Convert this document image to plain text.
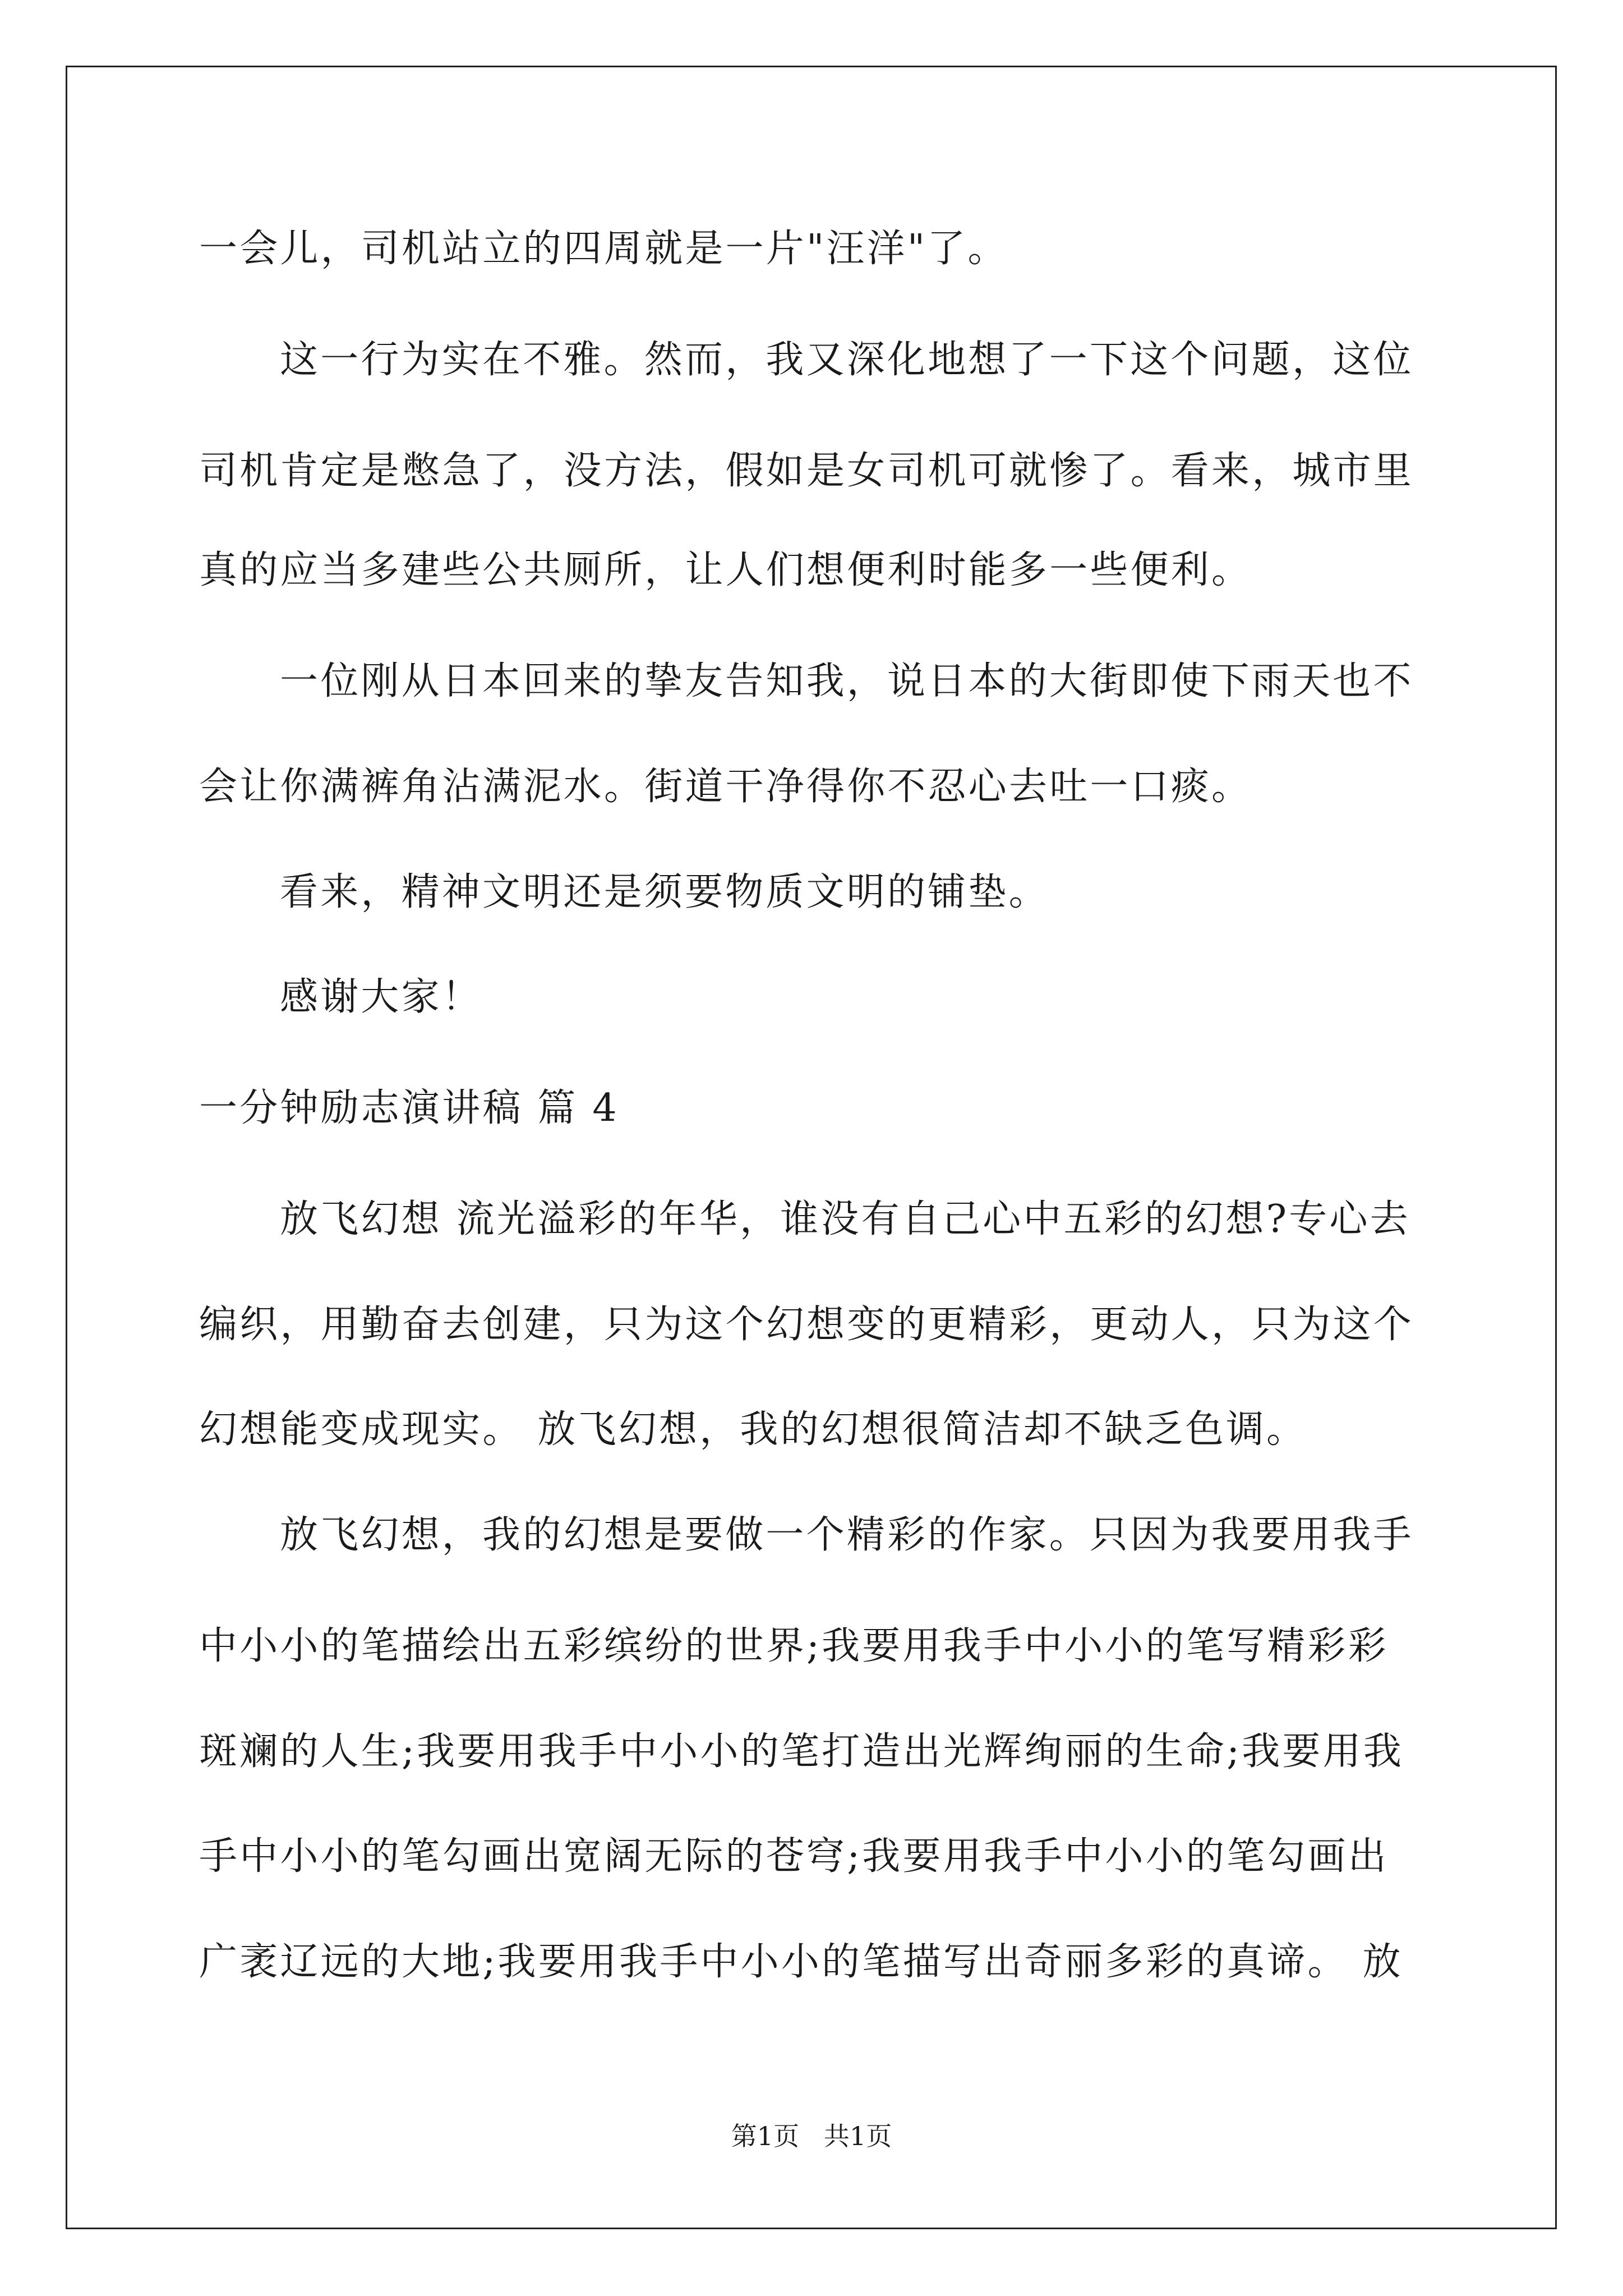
一会儿，司机站立的四周就是一片"汪洋"了。
这一行为实在不雅。然而，我又深化地想了一下这个问题，这位
司机肯定是憋急了，没方法，假如是女司机可就惨了。看来，城市里
真的应当多建些公共厕所，让人们想便利时能多一些便利。
一位刚从日本回来的挚友告知我，说日本的大街即使下雨天也不
会让你满裤角沾满泥水。街道干净得你不忍心去吐一口痰。
看来，精神文明还是须要物质文明的铺垫。
感谢大家！
一分钟励志演讲稿 篇 4
放飞幻想 流光溢彩的年华，谁没有自己心中五彩的幻想?专心去
编织，用勤奋去创建，只为这个幻想变的更精彩，更动人，只为这个
幻想能变成现实。 放飞幻想，我的幻想很简洁却不缺乏色调。
放飞幻想，我的幻想是要做一个精彩的作家。只因为我要用我手
中小小的笔描绘出五彩缤纷的世界;我要用我手中小小的笔写精彩彩
斑斓的人生;我要用我手中小小的笔打造出光辉绚丽的生命;我要用我
手中小小的笔勾画出宽阔无际的苍穹;我要用我手中小小的笔勾画出
广袤辽远的大地;我要用我手中小小的笔描写出奇丽多彩的真谛。 放
第1页   共1页
